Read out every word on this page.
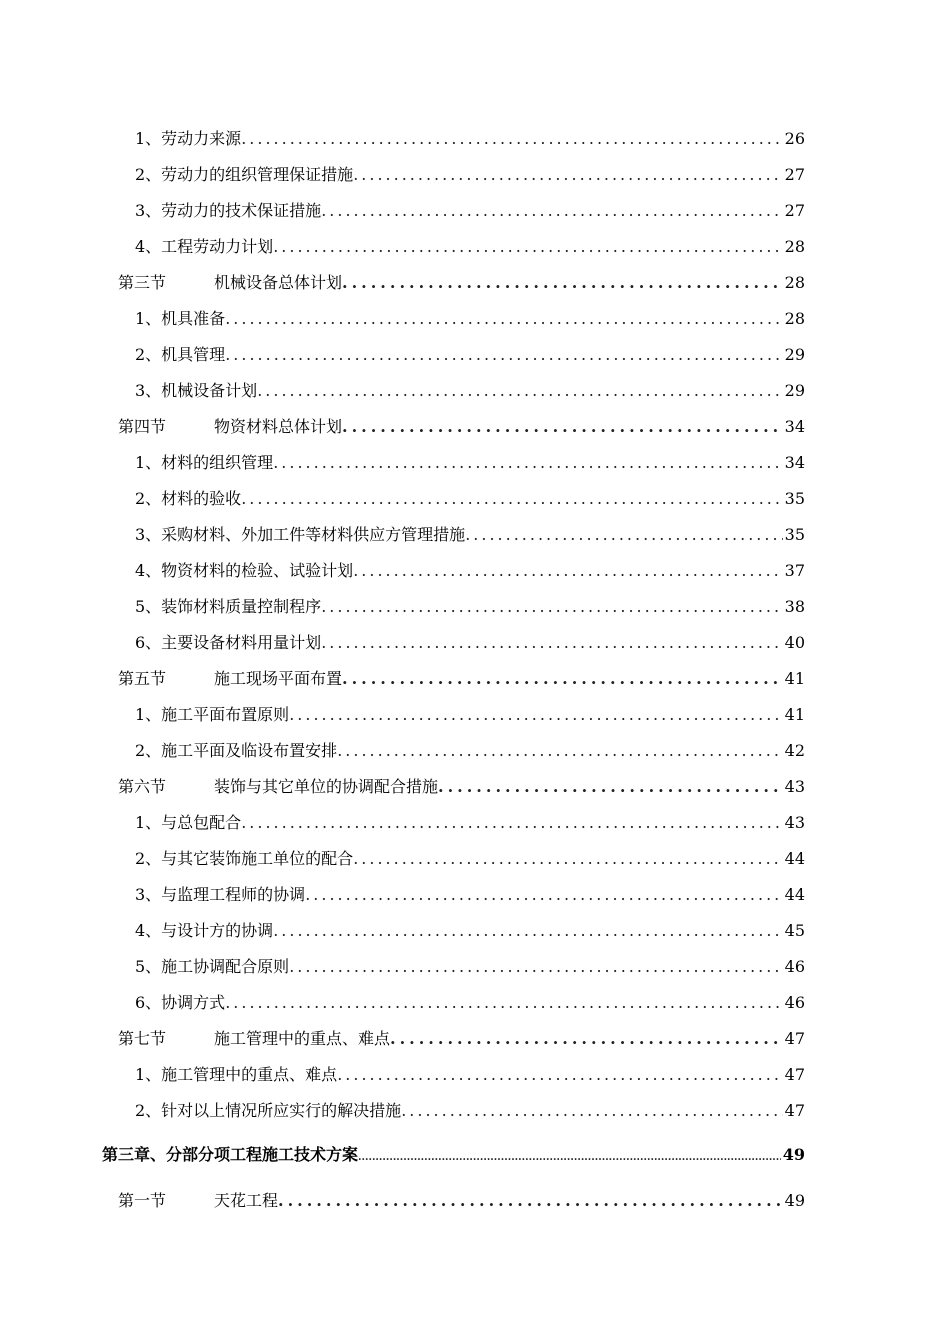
1、劳动力来源 .....	26
2、劳动力的组织管理保证措施 .....	27
3、劳动力的技术保证措施 .....	27
4、工程劳动力计划 .....	28
第三节	机械设备总体计划 .....	28
1、机具准备 .....	28
2、机具管理 .....	29
3、机械设备计划 .....	29
第四节	物资材料总体计划 .....	34
1、材料的组织管理 .....	34
2、材料的验收 .....	35
3、采购材料、外加工件等材料供应方管理措施 .....	35
4、物资材料的检验、试验计划 .....	37
5、装饰材料质量控制程序 .....	38
6、主要设备材料用量计划 .....	40
第五节	施工现场平面布置 .....	41
1、施工平面布置原则 .....	41
2、施工平面及临设布置安排 .....	42
第六节	装饰与其它单位的协调配合措施 .....	43
1、与总包配合 .....	43
2、与其它装饰施工单位的配合 .....	44
3、与监理工程师的协调 .....	44
4、与设计方的协调 .....	45
5、施工协调配合原则 .....	46
6、协调方式 .....	46
第七节	施工管理中的重点、难点 .....	47
1、施工管理中的重点、难点 .....	47
2、针对以上情况所应实行的解决措施 .....	47
第三章、分部分项工程施工技术方案 .....	49
第一节	天花工程 .....	49
